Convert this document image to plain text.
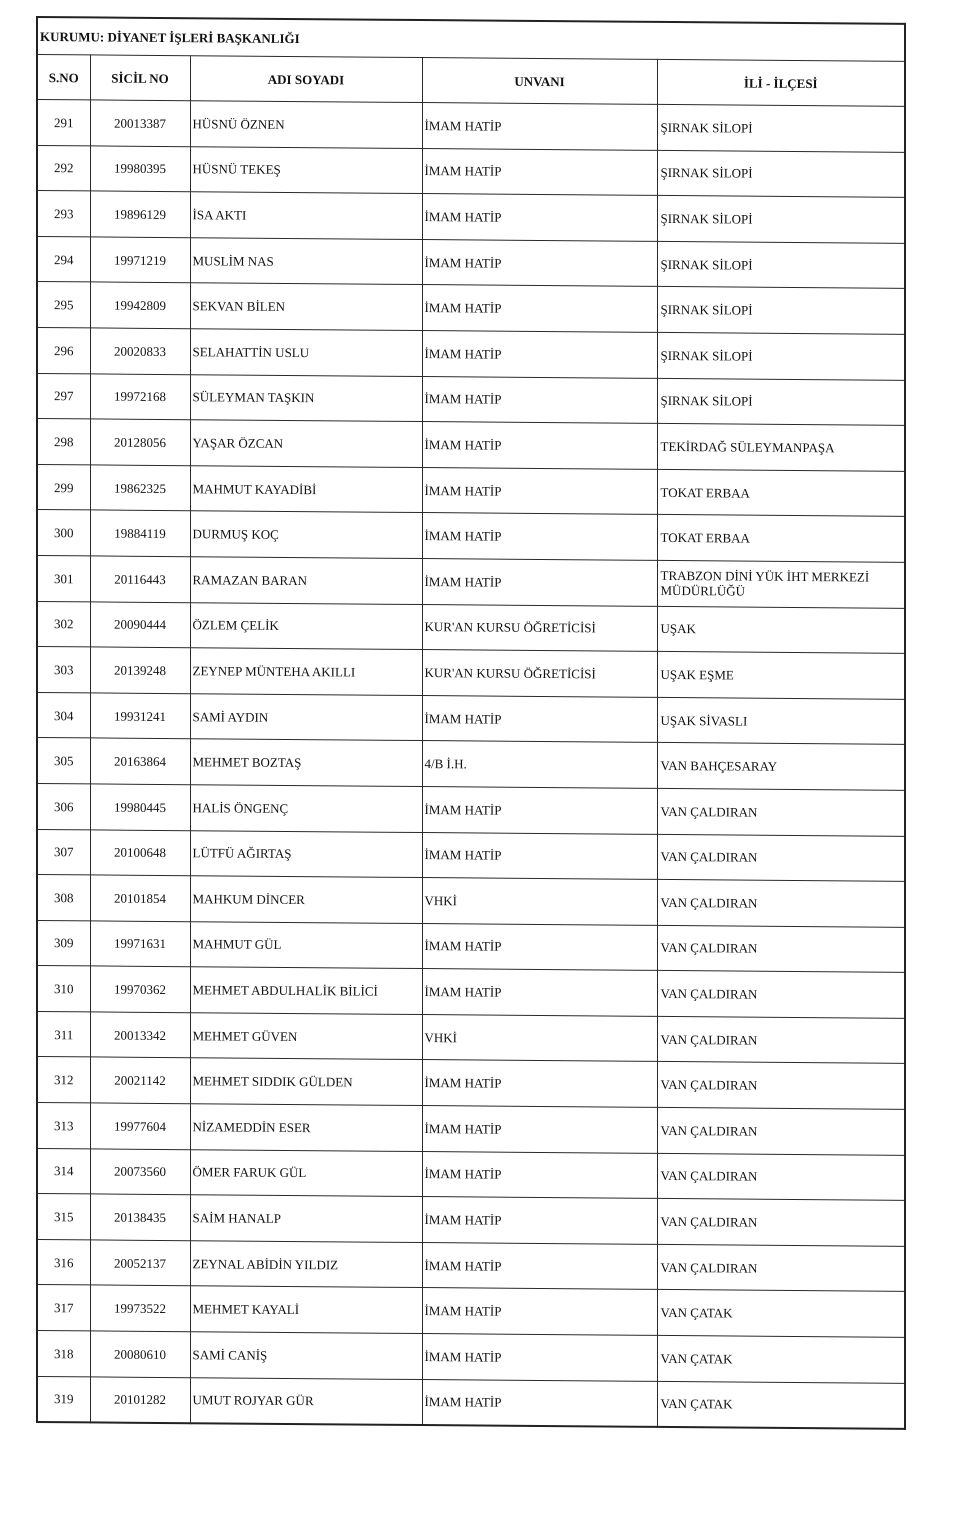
KURUMU: DİYANET İŞLERİ BAŞKANLIĞI				
S.NO	SİCİL NO	ADI SOYADI	UNVANI	İLİ - İLÇESİ
291	20013387	HÜSNÜ ÖZNEN	İMAM HATİP	ŞIRNAK SİLOPİ
292	19980395	HÜSNÜ TEKEŞ	İMAM HATİP	ŞIRNAK SİLOPİ
293	19896129	İSA AKTI	İMAM HATİP	ŞIRNAK SİLOPİ
294	19971219	MUSLİM NAS	İMAM HATİP	ŞIRNAK SİLOPİ
295	19942809	SEKVAN BİLEN	İMAM HATİP	ŞIRNAK SİLOPİ
296	20020833	SELAHATTİN USLU	İMAM HATİP	ŞIRNAK SİLOPİ
297	19972168	SÜLEYMAN TAŞKIN	İMAM HATİP	ŞIRNAK SİLOPİ
298	20128056	YAŞAR ÖZCAN	İMAM HATİP	TEKİRDAĞ SÜLEYMANPAŞA
299	19862325	MAHMUT KAYADİBİ	İMAM HATİP	TOKAT ERBAA
300	19884119	DURMUŞ KOÇ	İMAM HATİP	TOKAT ERBAA
301	20116443	RAMAZAN BARAN	İMAM HATİP	TRABZON DİNİ YÜK İHT MERKEZİ MÜDÜRLÜĞÜ
302	20090444	ÖZLEM ÇELİK	KUR'AN KURSU ÖĞRETİCİSİ	UŞAK
303	20139248	ZEYNEP MÜNTEHA AKILLI	KUR'AN KURSU ÖĞRETİCİSİ	UŞAK EŞME
304	19931241	SAMİ AYDIN	İMAM HATİP	UŞAK SİVASLI
305	20163864	MEHMET BOZTAŞ	4/B İ.H.	VAN BAHÇESARAY
306	19980445	HALİS ÖNGENÇ	İMAM HATİP	VAN ÇALDIRAN
307	20100648	LÜTFÜ AĞIRTAŞ	İMAM HATİP	VAN ÇALDIRAN
308	20101854	MAHKUM DİNCER	VHKİ	VAN ÇALDIRAN
309	19971631	MAHMUT GÜL	İMAM HATİP	VAN ÇALDIRAN
310	19970362	MEHMET ABDULHALİK BİLİCİ	İMAM HATİP	VAN ÇALDIRAN
311	20013342	MEHMET GÜVEN	VHKİ	VAN ÇALDIRAN
312	20021142	MEHMET SIDDIK GÜLDEN	İMAM HATİP	VAN ÇALDIRAN
313	19977604	NİZAMEDDİN ESER	İMAM HATİP	VAN ÇALDIRAN
314	20073560	ÖMER FARUK GÜL	İMAM HATİP	VAN ÇALDIRAN
315	20138435	SAİM HANALP	İMAM HATİP	VAN ÇALDIRAN
316	20052137	ZEYNAL ABİDİN YILDIZ	İMAM HATİP	VAN ÇALDIRAN
317	19973522	MEHMET KAYALİ	İMAM HATİP	VAN ÇATAK
318	20080610	SAMİ CANİŞ	İMAM HATİP	VAN ÇATAK
319	20101282	UMUT ROJYAR GÜR	İMAM HATİP	VAN ÇATAK
